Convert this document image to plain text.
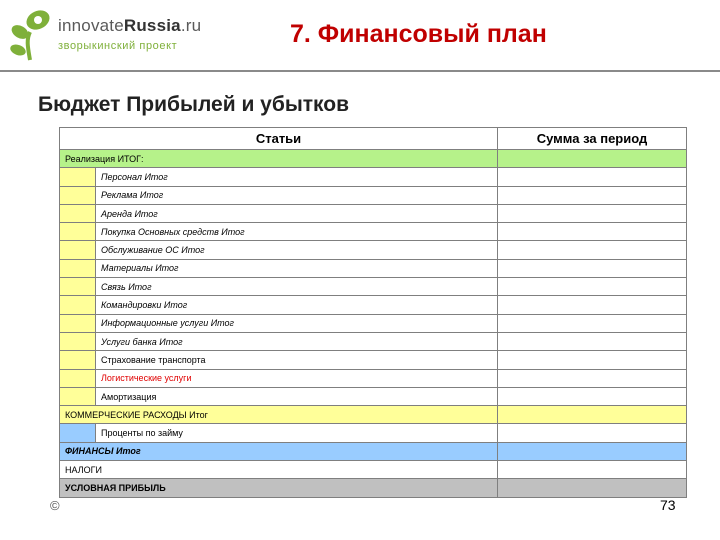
innovateRussia.ru
зворыкинский проект	7. Финансовый план
Бюджет Прибылей и убытков
Статьи		Сумма за период
Реализация ИТОГ:		
	Персонал Итог	
	Реклама Итог	
	Аренда Итог	
	Покупка Основных средств Итог	
	Обслуживание ОС Итог	
	Материалы Итог	
	Связь Итог	
	Командировки Итог	
	Информационные услуги Итог	
	Услуги банка Итог	
	Страхование транспорта	
	Логистические услуги	
	Амортизация	
КОММЕРЧЕСКИЕ РАСХОДЫ Итог		
	Проценты по займу	
ФИНАНСЫ Итог		
НАЛОГИ		
УСЛОВНАЯ ПРИБЫЛЬ		
©	73
